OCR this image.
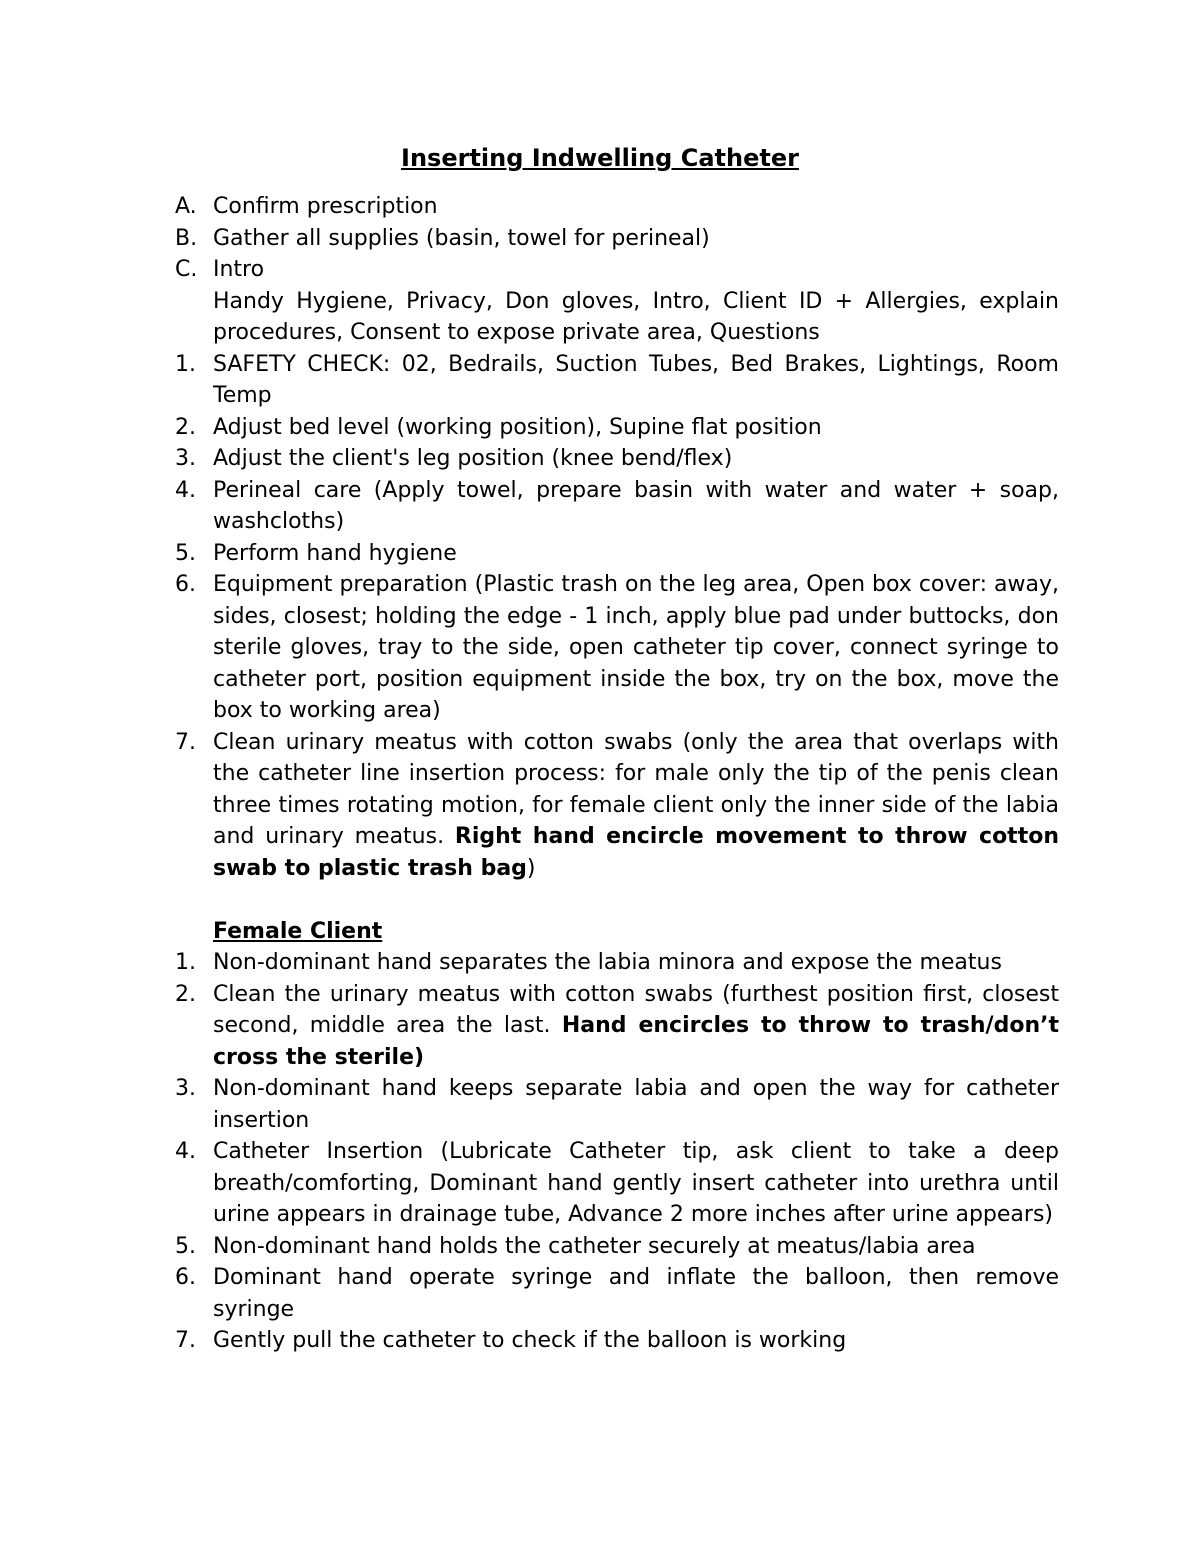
Inserting Indwelling Catheter
A. Confirm prescription
B. Gather all supplies (basin, towel for perineal)
C. Intro
Handy Hygiene, Privacy, Don gloves, Intro, Client ID + Allergies, explain procedures, Consent to expose private area, Questions
1. SAFETY CHECK: 02, Bedrails, Suction Tubes, Bed Brakes, Lightings, Room Temp
2. Adjust bed level (working position), Supine flat position
3. Adjust the client's leg position (knee bend/flex)
4. Perineal care (Apply towel, prepare basin with water and water + soap, washcloths)
5. Perform hand hygiene
6. Equipment preparation (Plastic trash on the leg area, Open box cover: away, sides, closest; holding the edge - 1 inch, apply blue pad under buttocks, don sterile gloves, tray to the side, open catheter tip cover, connect syringe to catheter port, position equipment inside the box, try on the box, move the box to working area)
7. Clean urinary meatus with cotton swabs (only the area that overlaps with the catheter line insertion process: for male only the tip of the penis clean three times rotating motion, for female client only the inner side of the labia and urinary meatus. Right hand encircle movement to throw cotton swab to plastic trash bag)
Female Client
1. Non-dominant hand separates the labia minora and expose the meatus
2. Clean the urinary meatus with cotton swabs (furthest position first, closest second, middle area the last. Hand encircles to throw to trash/don’t cross the sterile)
3. Non-dominant hand keeps separate labia and open the way for catheter insertion
4. Catheter Insertion (Lubricate Catheter tip, ask client to take a deep breath/comforting, Dominant hand gently insert catheter into urethra until urine appears in drainage tube, Advance 2 more inches after urine appears)
5. Non-dominant hand holds the catheter securely at meatus/labia area
6. Dominant hand operate syringe and inflate the balloon, then remove syringe
7. Gently pull the catheter to check if the balloon is working
